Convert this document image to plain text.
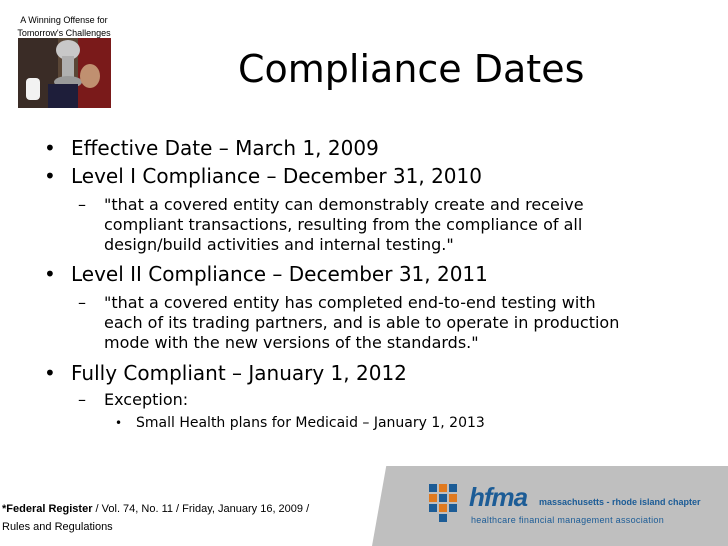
A Winning Offense for Tomorrow's Challenges
Compliance Dates
• Effective Date – March 1, 2009
• Level I Compliance – December 31, 2010
– "that a covered entity can demonstrably create and receive
compliant transactions, resulting from the compliance of all
design/build activities and internal testing."
• Level II Compliance – December 31, 2011
– "that a covered entity has completed end-to-end testing with
each of its trading partners, and is able to operate in production
mode with the new versions of the standards."
• Fully Compliant – January 1, 2012
– Exception:
• Small Health plans for Medicaid – January 1, 2013
*Federal Register / Vol. 74, No. 11 / Friday, January 16, 2009 /
Rules and Regulations
hfma massachusetts - rhode island chapter
healthcare financial management association
